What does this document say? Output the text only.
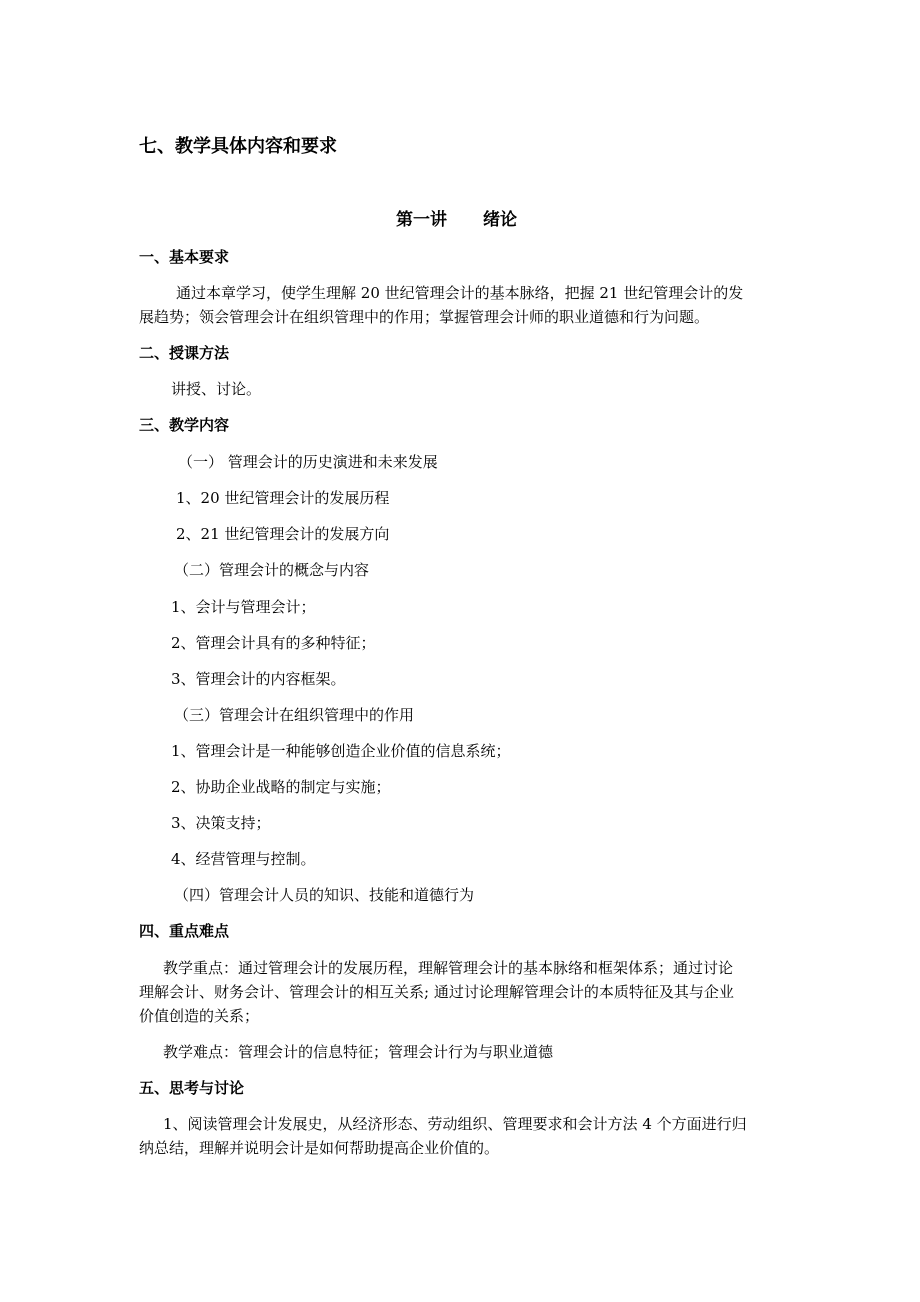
七、教学具体内容和要求
第一讲 绪论
一、基本要求
通过本章学习，使学生理解 20 世纪管理会计的基本脉络，把握 21 世纪管理会计的发
展趋势；领会管理会计在组织管理中的作用；掌握管理会计师的职业道德和行为问题。
二、授课方法
讲授、讨论。
三、教学内容
（一） 管理会计的历史演进和未来发展
1、20 世纪管理会计的发展历程
2、21 世纪管理会计的发展方向
（二）管理会计的概念与内容
1、会计与管理会计；
2、管理会计具有的多种特征；
3、管理会计的内容框架。
（三）管理会计在组织管理中的作用
1、管理会计是一种能够创造企业价值的信息系统；
2、协助企业战略的制定与实施；
3、决策支持；
4、经营管理与控制。
（四）管理会计人员的知识、技能和道德行为
四、重点难点
教学重点：通过管理会计的发展历程，理解管理会计的基本脉络和框架体系；通过讨论
理解会计、财务会计、管理会计的相互关系; 通过讨论理解管理会计的本质特征及其与企业
价值创造的关系；
教学难点：管理会计的信息特征；管理会计行为与职业道德
五、思考与讨论
1、阅读管理会计发展史，从经济形态、劳动组织、管理要求和会计方法 4 个方面进行归
纳总结，理解并说明会计是如何帮助提高企业价值的。
